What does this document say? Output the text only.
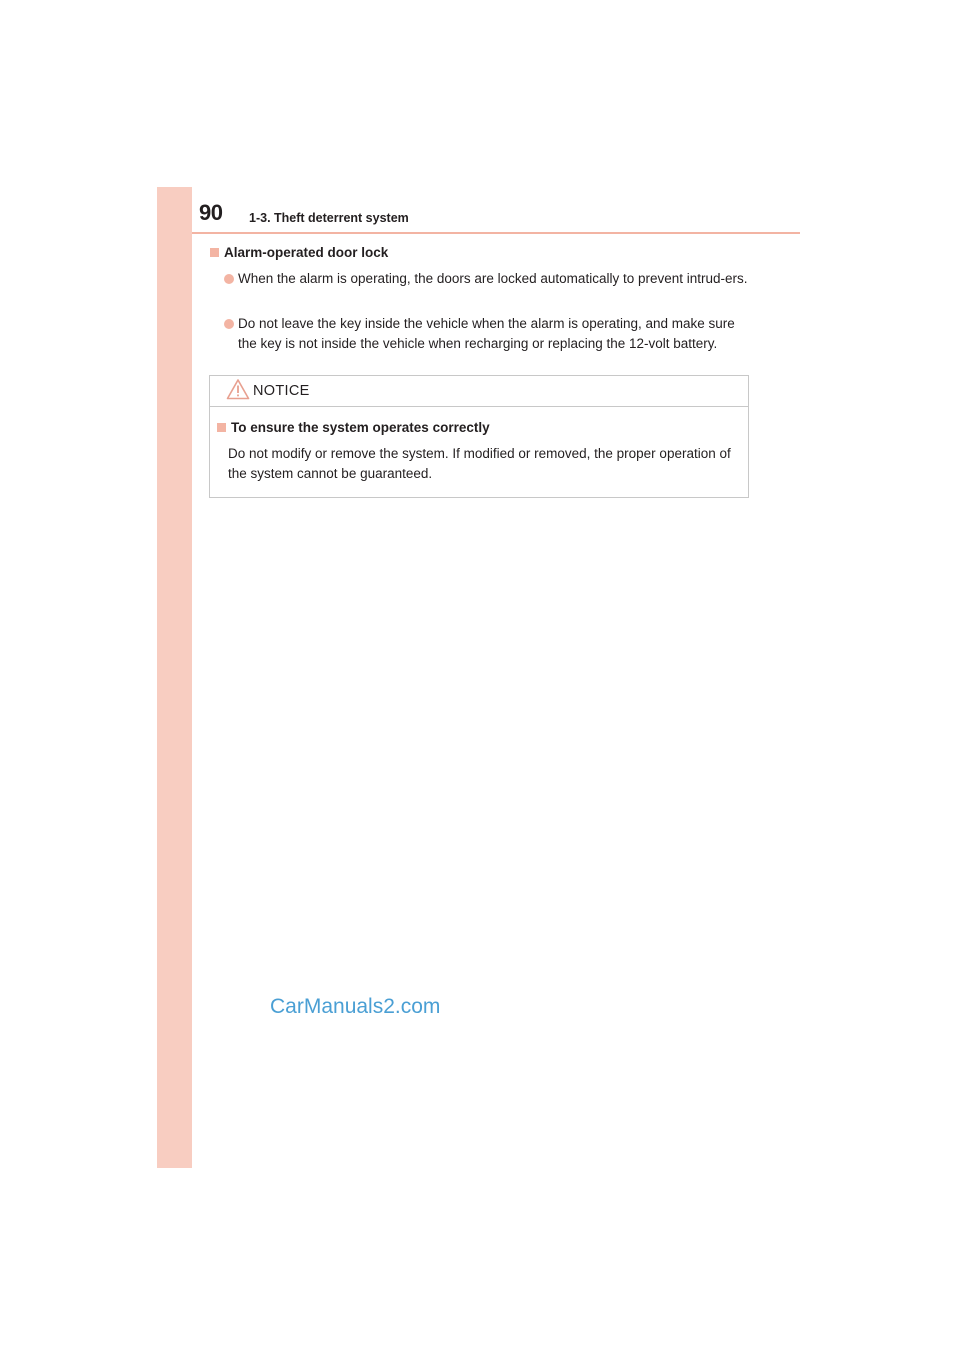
90 1-3. Theft deterrent system
Alarm-operated door lock
When the alarm is operating, the doors are locked automatically to prevent intrud-ers.
Do not leave the key inside the vehicle when the alarm is operating, and make sure the key is not inside the vehicle when recharging or replacing the 12-volt battery.
NOTICE
To ensure the system operates correctly
Do not modify or remove the system. If modified or removed, the proper operation of the system cannot be guaranteed.
CarManuals2.com
